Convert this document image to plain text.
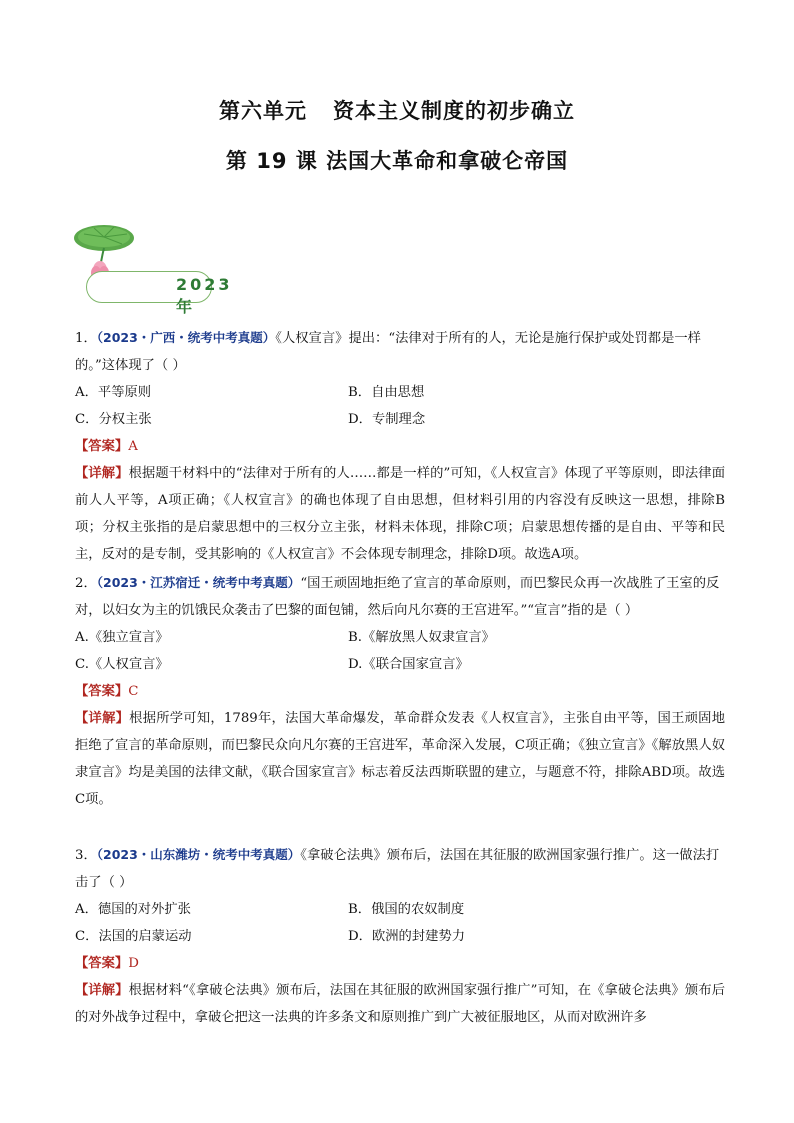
第六单元 资本主义制度的初步确立
第 19 课 法国大革命和拿破仑帝国
2023年

1．（2023・广西・统考中考真题）《人权宣言》提出：“法律对于所有的人，无论是施行保护或处罚都是一样的。”这体现了（ ）

A．平等原则	B．自由思想
C．分权主张	D．专制理念

【答案】A

【详解】根据题干材料中的“法律对于所有的人……都是一样的”可知，《人权宣言》体现了平等原则，即法律面前人人平等，A项正确；《人权宣言》的确也体现了自由思想，但材料引用的内容没有反映这一思想，排除B项；分权主张指的是启蒙思想中的三权分立主张，材料未体现，排除C项；启蒙思想传播的是自由、平等和民主，反对的是专制，受其影响的《人权宣言》不会体现专制理念，排除D项。故选A项。

2．（2023・江苏宿迁・统考中考真题）“国王顽固地拒绝了宣言的革命原则，而巴黎民众再一次战胜了王室的反对，以妇女为主的饥饿民众袭击了巴黎的面包铺，然后向凡尔赛的王宫进军。”“宣言”指的是（ ）

A.《独立宣言》	B.《解放黑人奴隶宣言》
C.《人权宣言》	D.《联合国家宣言》

【答案】C

【详解】根据所学可知，1789年，法国大革命爆发，革命群众发表《人权宣言》，主张自由平等，国王顽固地拒绝了宣言的革命原则，而巴黎民众向凡尔赛的王宫进军，革命深入发展，C项正确；《独立宣言》《解放黑人奴隶宣言》均是美国的法律文献，《联合国家宣言》标志着反法西斯联盟的建立，与题意不符，排除ABD项。故选C项。

3．（2023・山东潍坊・统考中考真题）《拿破仑法典》颁布后，法国在其征服的欧洲国家强行推广。这一做法打击了（ ）

A．德国的对外扩张	B．俄国的农奴制度
C．法国的启蒙运动	D．欧洲的封建势力

【答案】D

【详解】根据材料“《拿破仑法典》颁布后，法国在其征服的欧洲国家强行推广”可知，在《拿破仑法典》颁布后的对外战争过程中，拿破仑把这一法典的许多条文和原则推广到广大被征服地区，从而对欧洲许多
